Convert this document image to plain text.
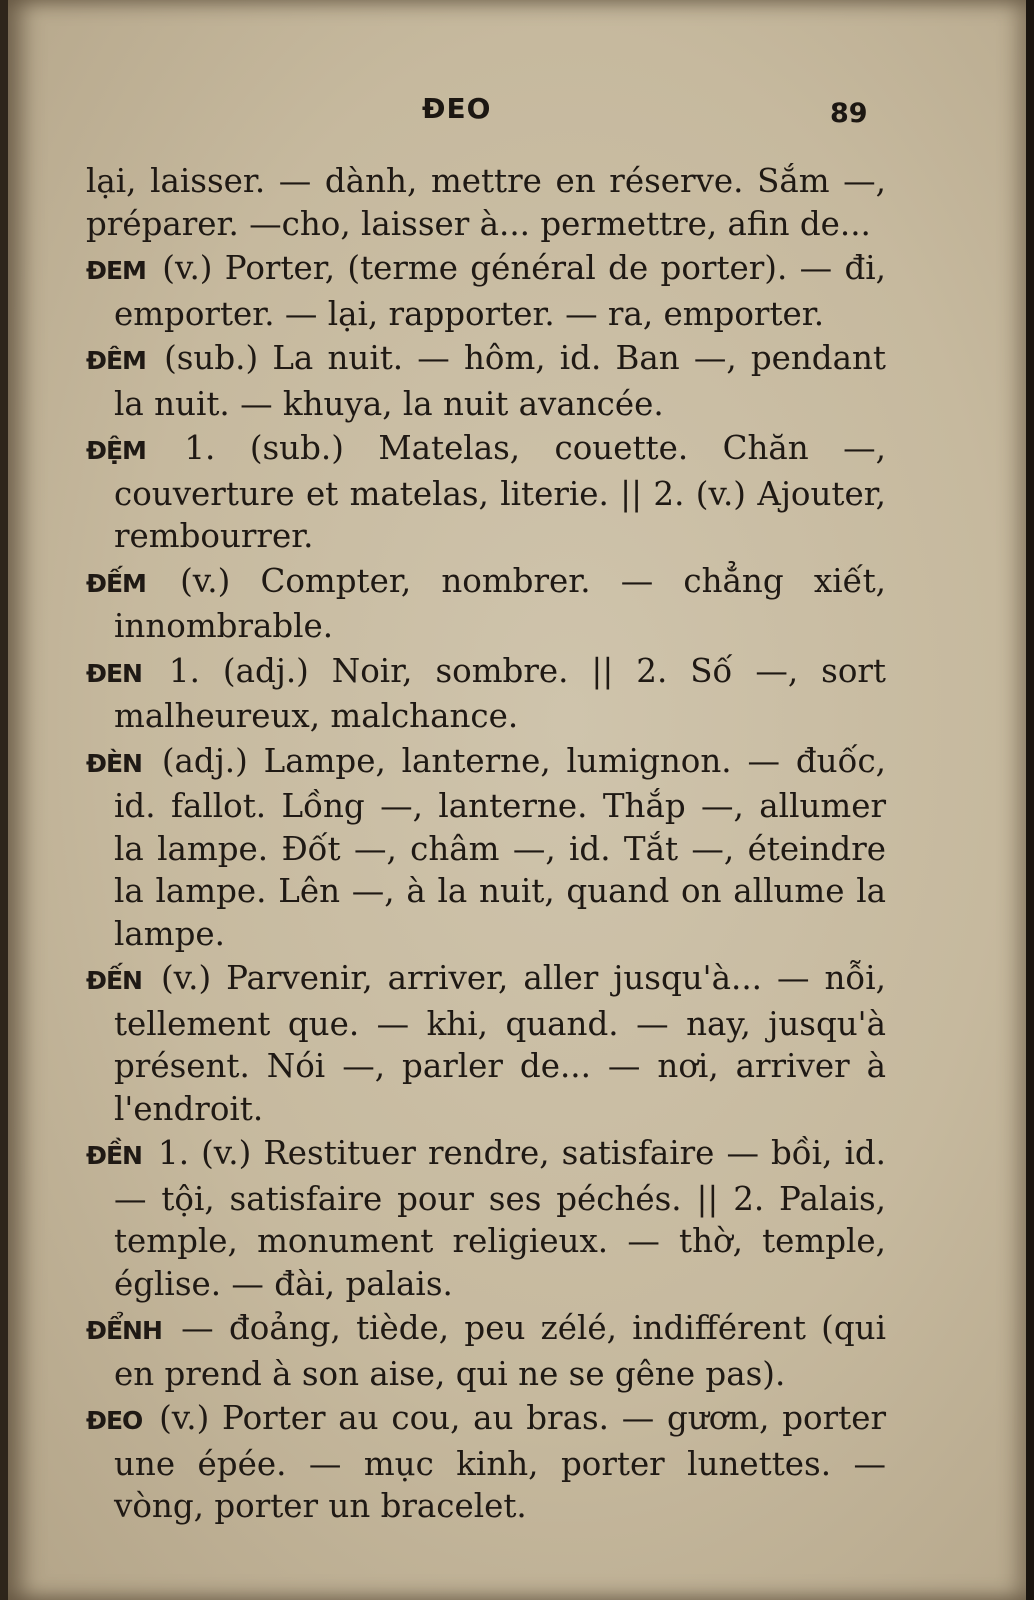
ĐEO	89

lại, laisser. — dành, mettre en réserve. Sắm —, préparer. —cho, laisser à... permettre, afin de...

ĐEM (v.) Porter, (terme général de porter). — đi, emporter. — lại, rapporter. — ra, emporter.

ĐÊM (sub.) La nuit. — hôm, id. Ban —, pendant la nuit. — khuya, la nuit avancée.

ĐỆM 1. (sub.) Matelas, couette. Chăn —, couverture et matelas, literie. || 2. (v.) Ajouter, rembourrer.

ĐẾM (v.) Compter, nombrer. — chẳng xiết, innombrable.

ĐEN 1. (adj.) Noir, sombre. || 2. Số —, sort malheureux, malchance.

ĐÈN (adj.) Lampe, lanterne, lumignon. — đuốc, id. fallot. Lồng —, lanterne. Thắp —, allumer la lampe. Đốt —, châm —, id. Tắt —, éteindre la lampe. Lên —, à la nuit, quand on allume la lampe.

ĐẾN (v.) Parvenir, arriver, aller jusqu'à... — nỗi, tellement que. — khi, quand. — nay, jusqu'à présent. Nói —, parler de... — nơi, arriver à l'endroit.

ĐỀN 1. (v.) Restituer rendre, satisfaire — bồi, id. — tội, satisfaire pour ses péchés. || 2. Palais, temple, monument religieux. — thờ, temple, église. — đài, palais.

ĐỂNH — đoảng, tiède, peu zélé, indifférent (qui en prend à son aise, qui ne se gêne pas).

ĐEO (v.) Porter au cou, au bras. — gươm, porter une épée. — mục kinh, porter lunettes. — vòng, porter un bracelet.
